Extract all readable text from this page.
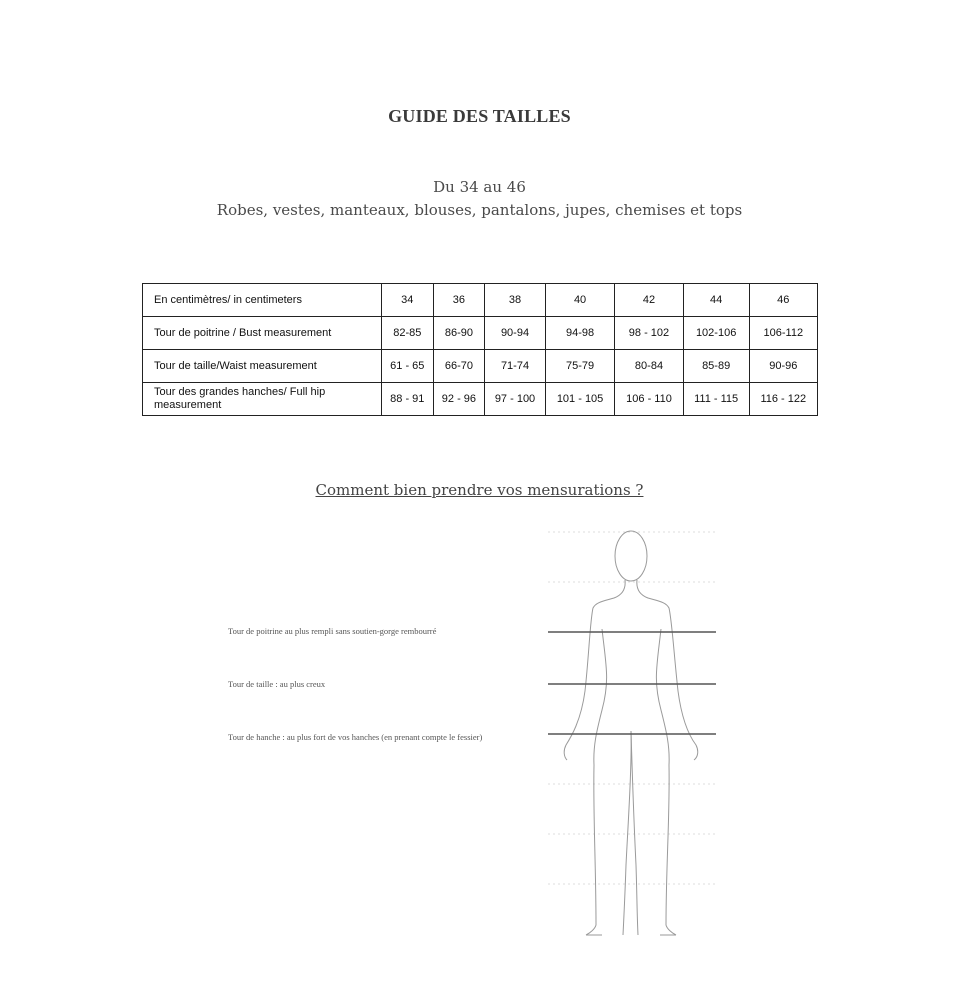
GUIDE DES TAILLES

Du 34 au 46

Robes, vestes, manteaux, blouses, pantalons, jupes, chemises et tops

En centimètres/ in centimeters	34	36	38	40	42	44	46
Tour de poitrine / Bust measurement	82-85	86-90	90-94	94-98	98 - 102	102-106	106-112
Tour de taille/Waist measurement	61 - 65	66-70	71-74	75-79	80-84	85-89	90-96
Tour des grandes hanches/ Full hip measurement	88 - 91	92 - 96	97 - 100	101 - 105	106 - 110	111 - 115	116 - 122

Comment bien prendre vos mensurations ?

Tour de poitrine au plus rempli sans soutien-gorge rembourré
Tour de taille : au plus creux
Tour de hanche : au plus fort de vos hanches (en prenant compte le fessier)
